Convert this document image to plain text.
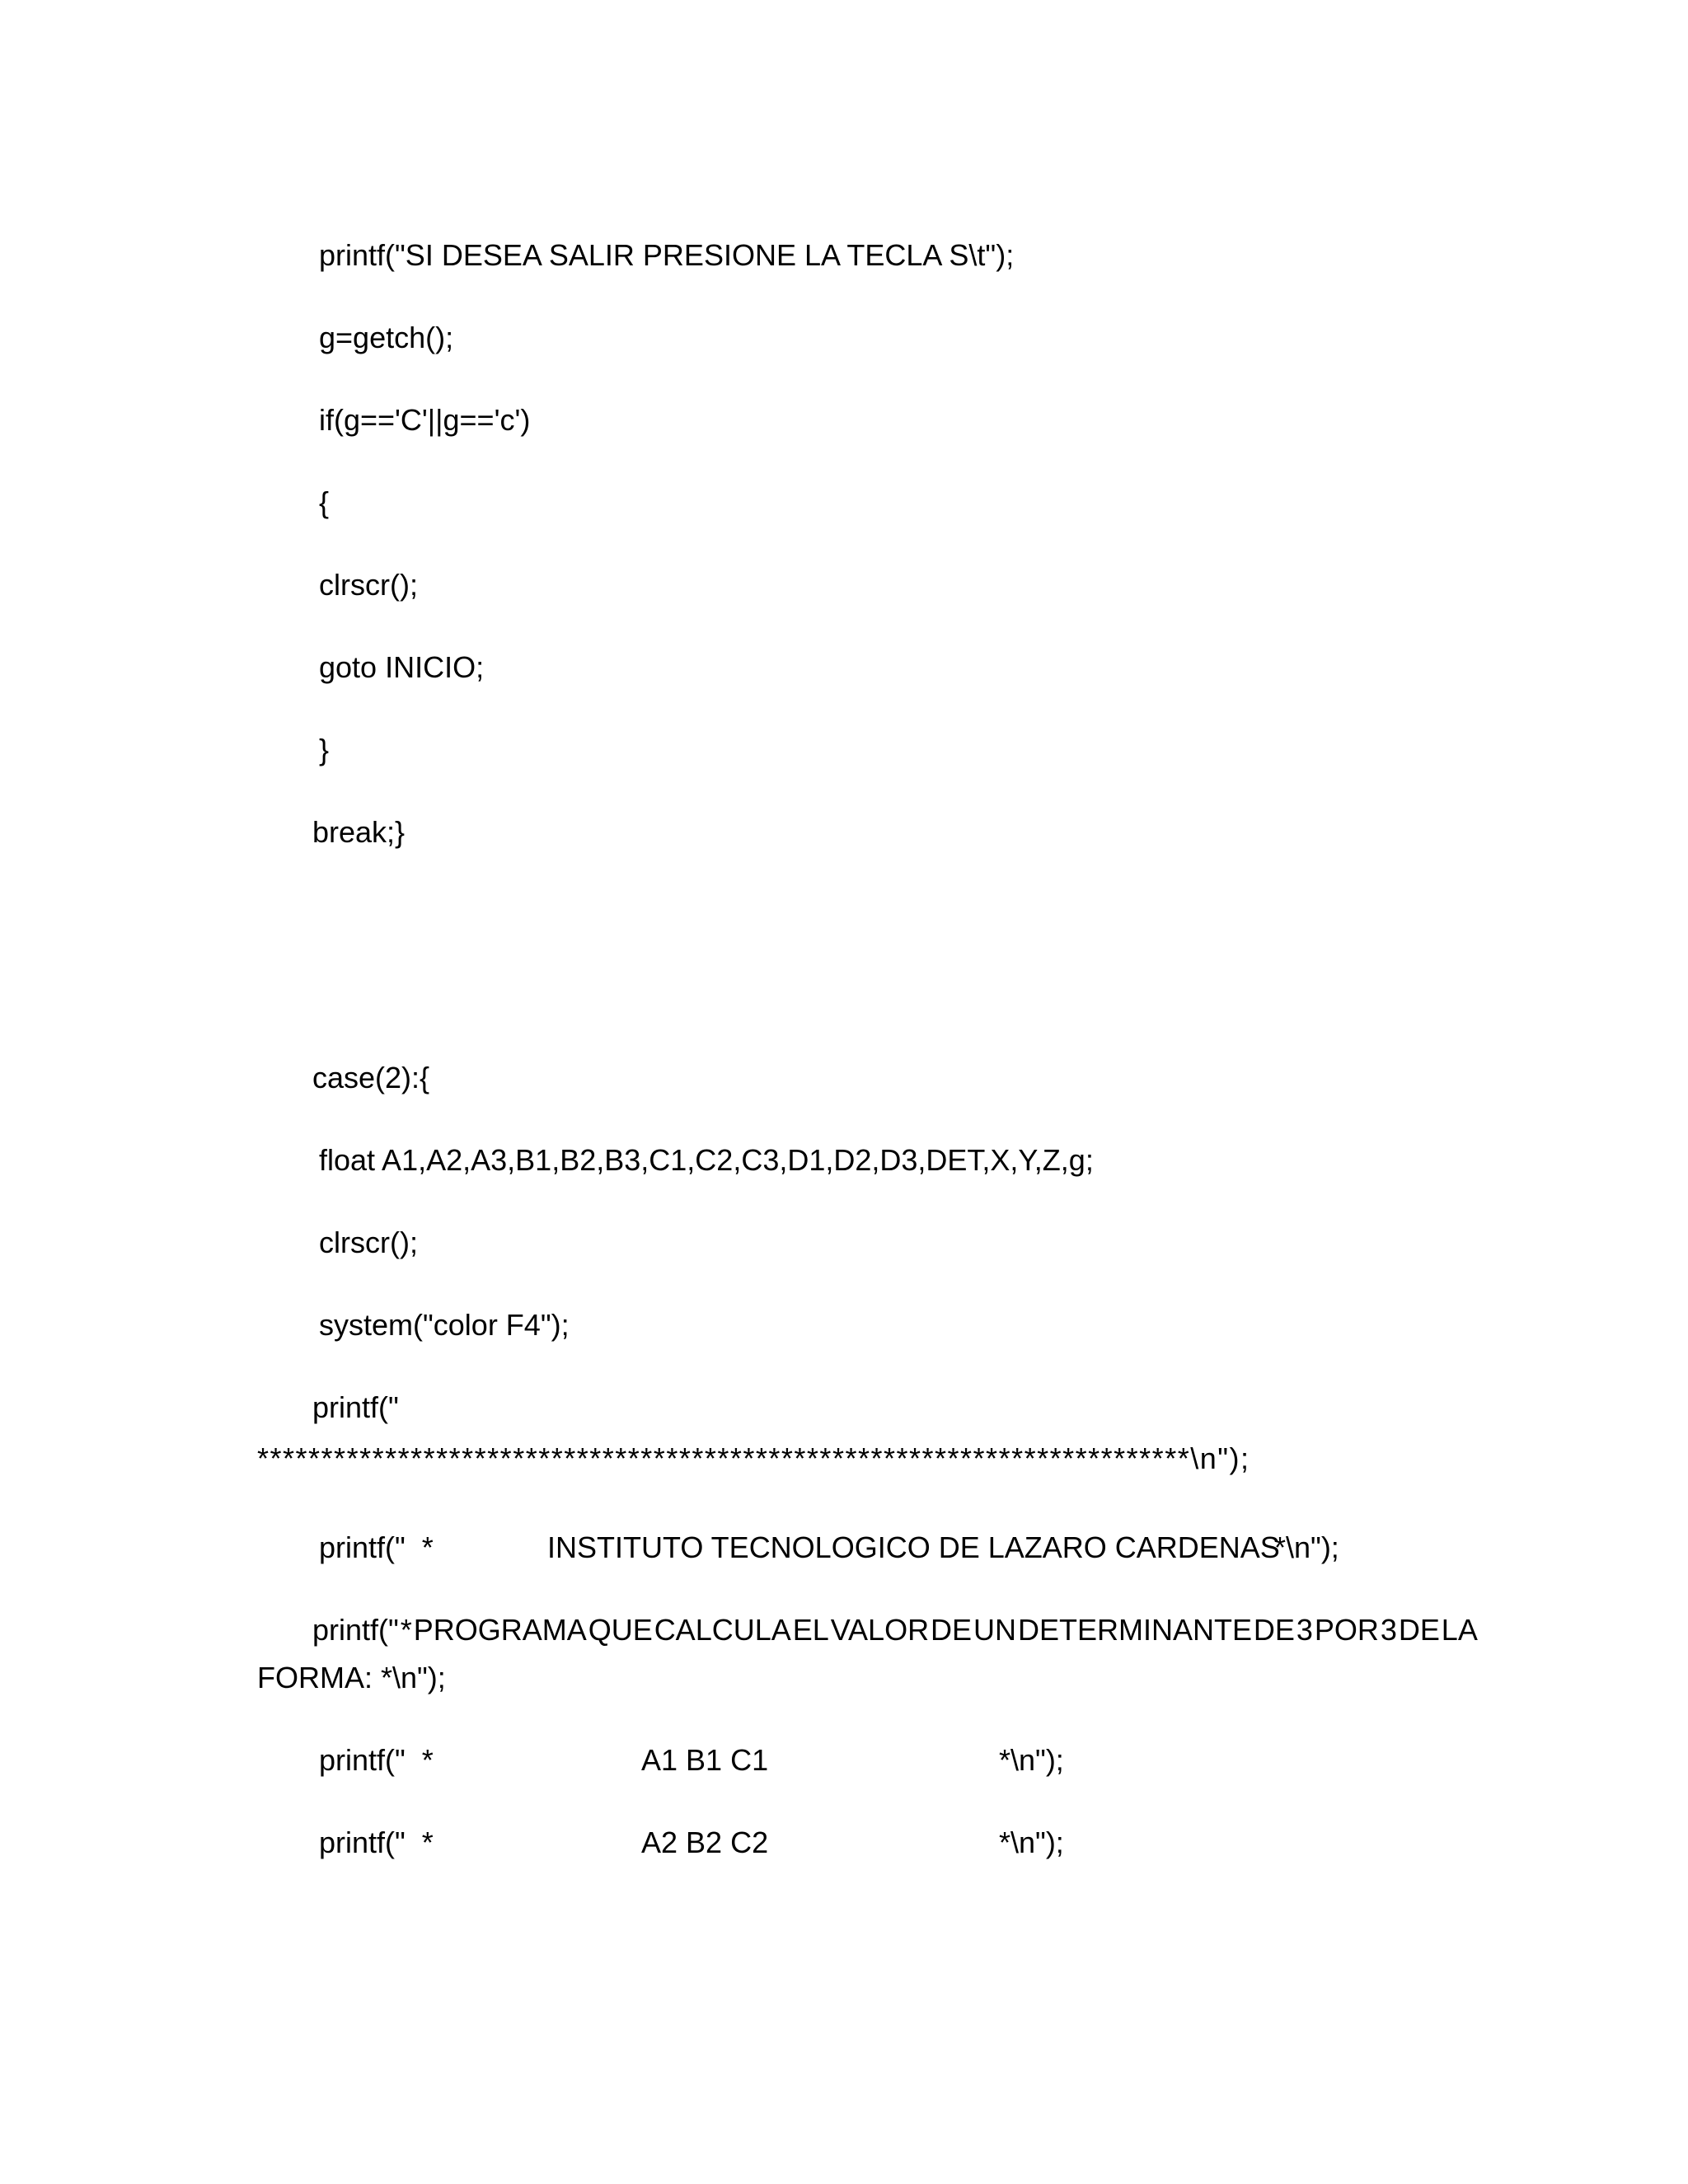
printf("SI DESEA SALIR PRESIONE LA TECLA S\t");
g=getch();
if(g=='C'||g=='c')
{
clrscr();
goto INICIO;
}
break;}
case(2):{
float A1,A2,A3,B1,B2,B3,C1,C2,C3,D1,D2,D3,DET,X,Y,Z,g;
clrscr();
system("color F4");
printf("
*************************************************************************\n");
printf("  *	INSTITUTO TECNOLOGICO DE LAZARO CARDENAS
*\n");
printf(" * PROGRAMA QUE CALCULA EL VALOR DE UN DETERMINANTE DE 3 POR 3 DE LA
FORMA: *\n");
printf("  *	A1 B1 C1	*\n");
printf("  *	A2 B2 C2	*\n");
